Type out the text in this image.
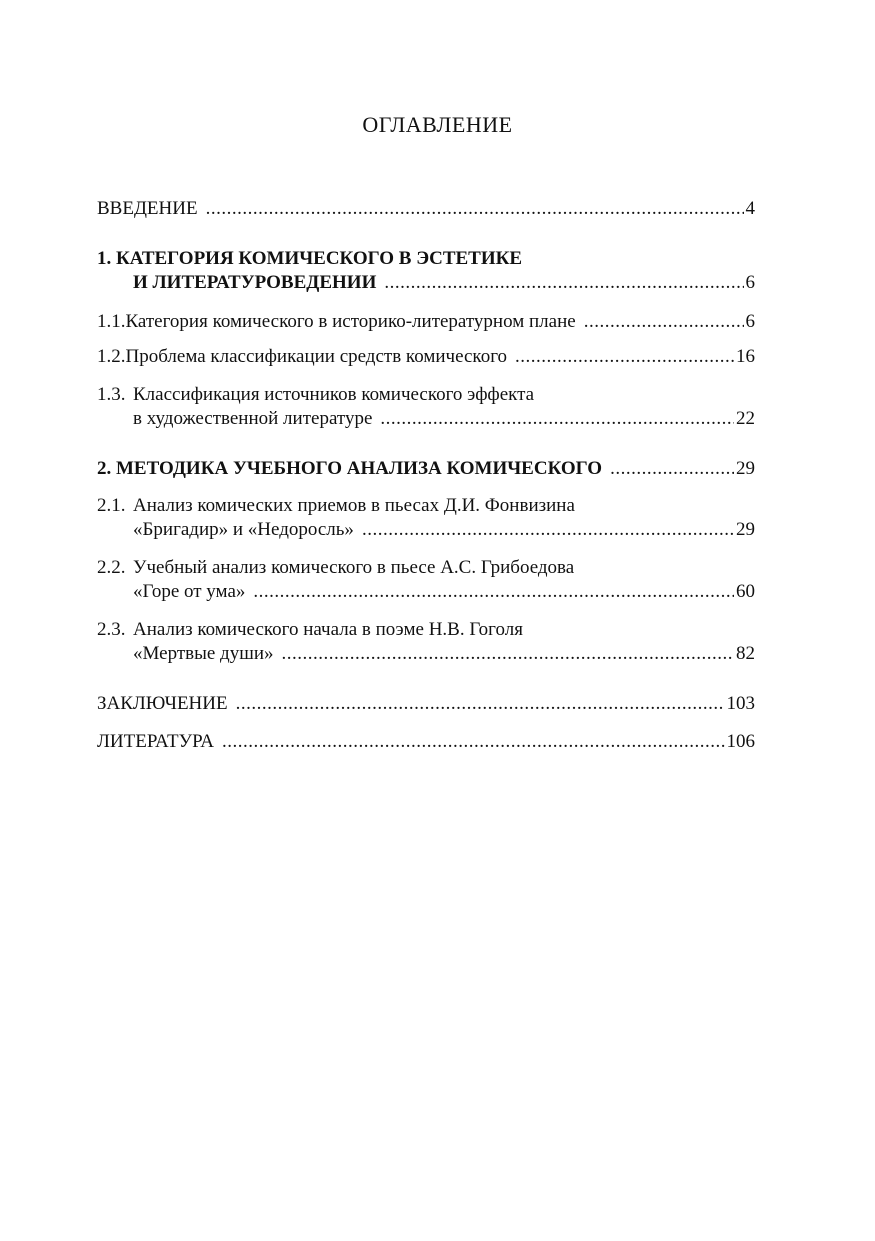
ОГЛАВЛЕНИЕ
ВВЕДЕНИЕ .....	4
1. КАТЕГОРИЯ КОМИЧЕСКОГО В ЭСТЕТИКЕ
И ЛИТЕРАТУРОВЕДЕНИИ .....	6
1.1. Категория комического в историко-литературном плане .....	6
1.2. Проблема классификации средств комического .....	16
1.3. Классификация источников комического эффекта
в художественной литературе .....	22
2. МЕТОДИКА УЧЕБНОГО АНАЛИЗА КОМИЧЕСКОГО .....	29
2.1. Анализ комических приемов в пьесах Д.И. Фонвизина
«Бригадир» и «Недоросль» .....	29
2.2. Учебный анализ комического в пьесе А.С. Грибоедова
«Горе от ума» .....	60
2.3. Анализ комического начала в поэме Н.В. Гоголя
«Мертвые души» .....	82
ЗАКЛЮЧЕНИЕ .....	103
ЛИТЕРАТУРА .....	106
